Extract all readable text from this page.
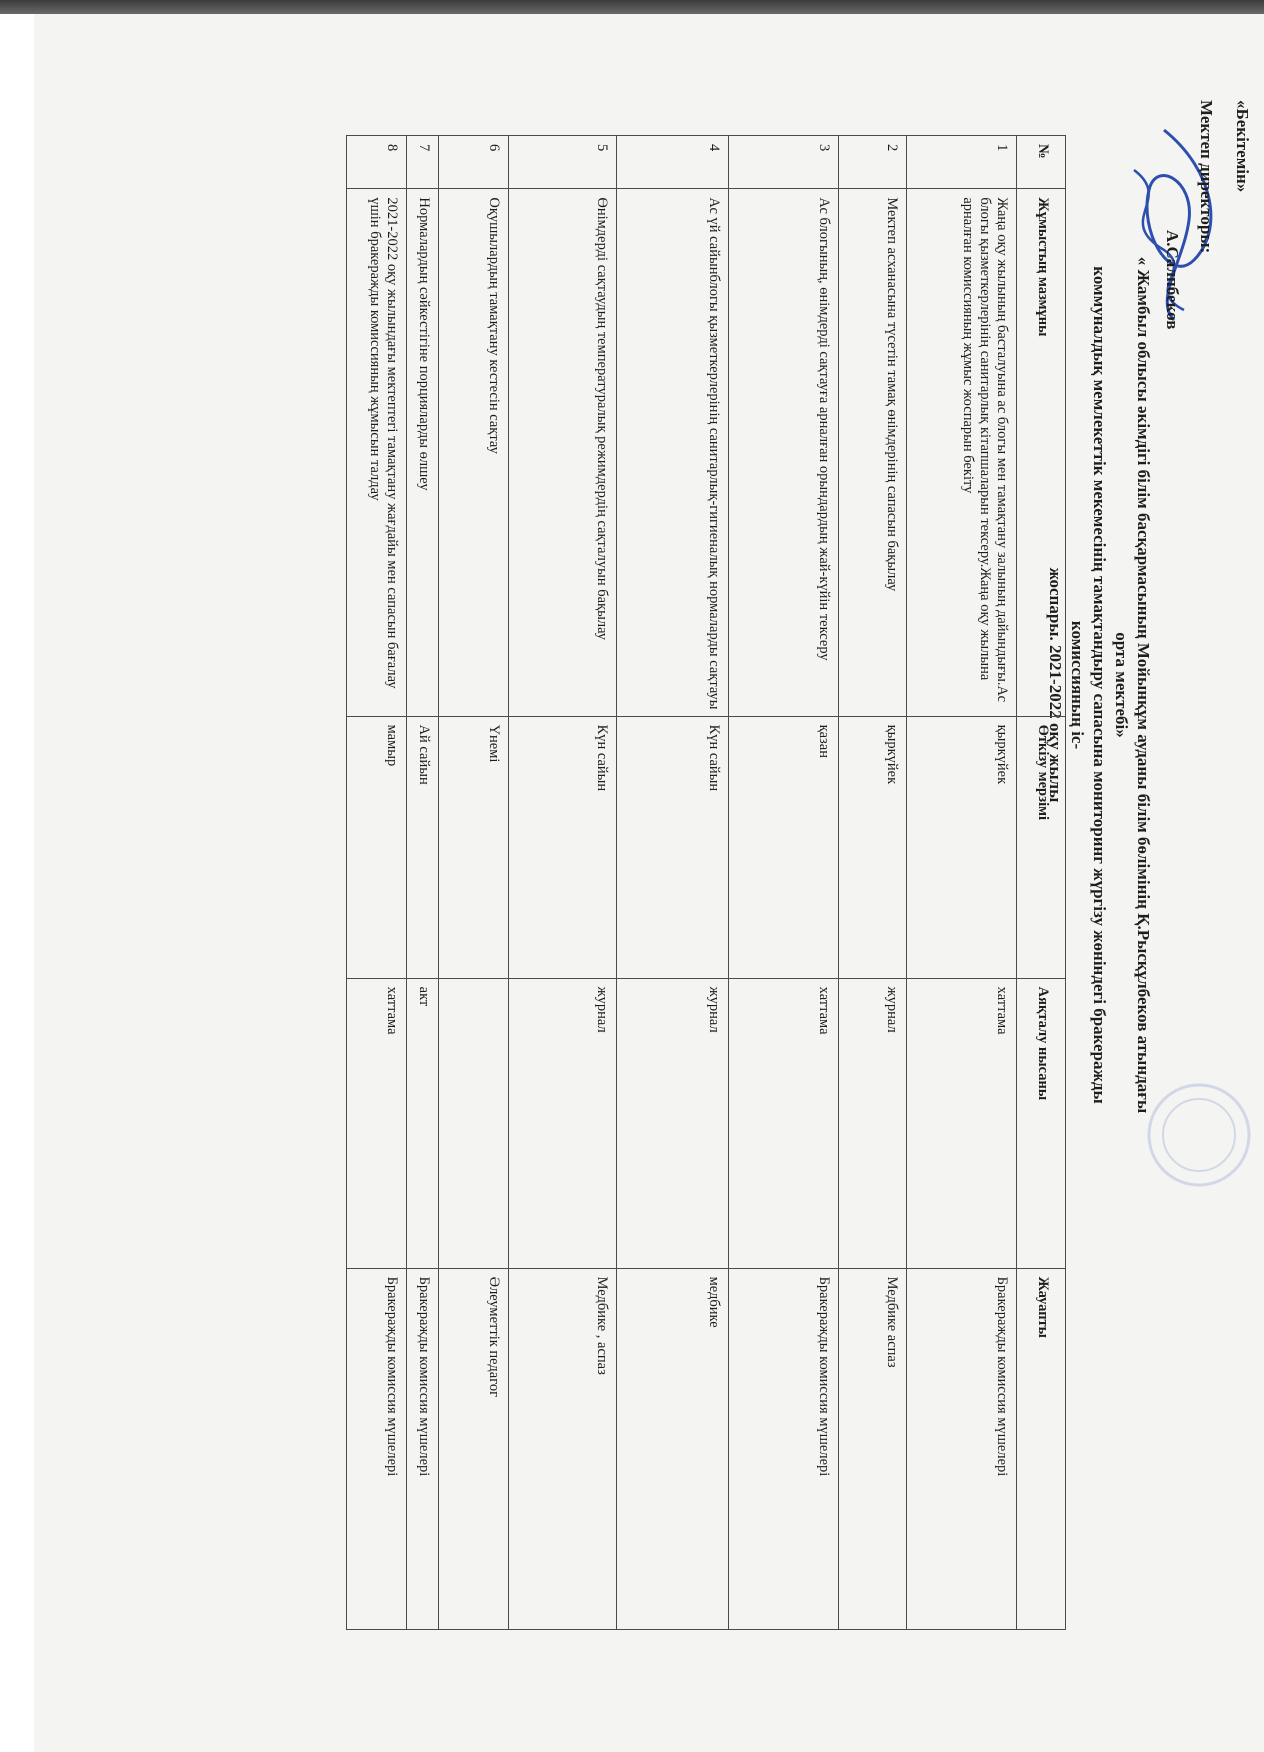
«Бекітемін»
Мектеп директоры:
А.Салпбеков
« Жамбыл облысы әкімдігі білім басқармасының Мойынқұм ауданы білім бөлімінің Қ.Рысқұлбеков атындағы орта мектебі»
коммуналдық мемлекеттік мекемесінің тамақтандыру сапасына мониторинг жүргізу жөніндегі бракеражды комиссияның іс-
жоспары. 2021-2022 оқу жылы
№	Жұмыстың мазмұны	Өткізу мерзімі	Аяқталу нысаны	Жауапты
1	Жаңа оқу жылының басталуына ас блогы мен тамақтану залының дайындығы.Ас блогы қызметкерлерінің санитарлық кітапшаларын тексеру.Жаңа оқу жылына арналған комиссияның жұмыс жоспарын бекіту	қыркүйек	хаттама	Бракеражды комиссия мүшелері
2	Мектеп асханасына түсетін тамақ өнімдерінің сапасын бақылау	қыркүйек	журнал	Медбике аспаз
3	Ас блогының, өнімдерді сақтауға арналған орындардың жай-күйін тексеру	қазан	хаттама	Бракеражды комиссия мүшелері
4	Ас үй сайынблогы қызметкерлерінің санитарлық-гигиеналық нормаларды сақтауы	Күн сайын	журнал	медбике
5	Өнімдерді сақтаудың температуралық режимдердің сақталуын бақылау	Күн сайын	журнал	Медбике , аспаз
6	Оқушылардың тамақтану кестесін сақтау	Үнемі		Әлеуметтік педагог
7	Нормалардың сәйкестігіне порцияларды өлшеу	Ай сайын	акт	Бракеражды комиссия мүшелері
8	2021-2022 оқу жылындағы мектептегі тамақтану жағдайы мен сапасын бағалау үшін бракеражды комиссияның жұмысын талдау	мамыр	хаттама	Бракеражды комиссия мүшелері
